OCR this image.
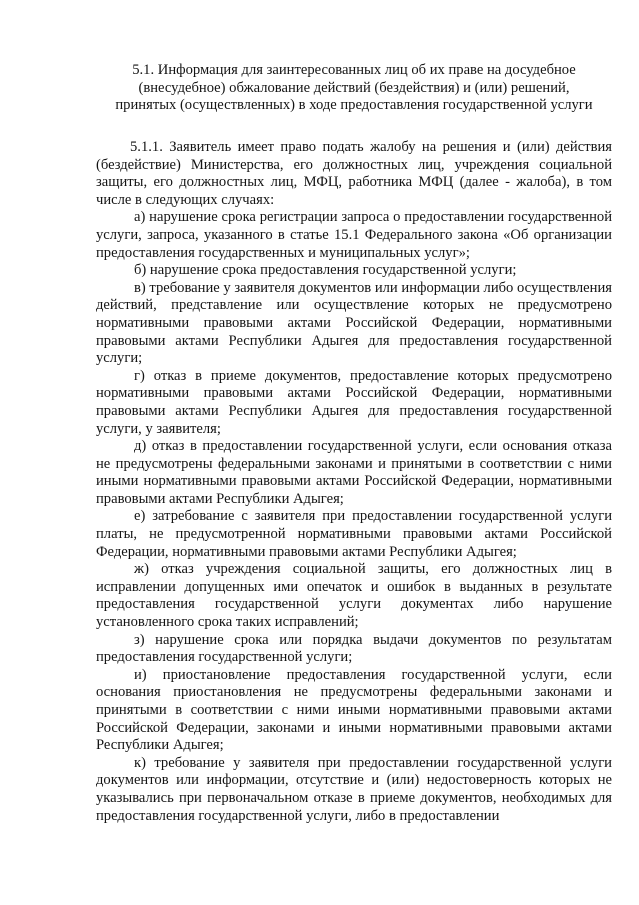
5.1. Информация для заинтересованных лиц об их праве на досудебное
(внесудебное) обжалование действий (бездействия) и (или) решений,
принятых (осуществленных) в ходе предоставления государственной услуги
5.1.1. Заявитель имеет право подать жалобу на решения и (или) действия (бездействие) Министерства, его должностных лиц, учреждения социальной защиты, его должностных лиц, МФЦ, работника МФЦ (далее - жалоба), в том числе в следующих случаях:
а) нарушение срока регистрации запроса о предоставлении государственной услуги, запроса, указанного в статье 15.1 Федерального закона «Об организации предоставления государственных и муниципальных услуг»;
б) нарушение срока предоставления государственной услуги;
в) требование у заявителя документов или информации либо осуществления действий, представление или осуществление которых не предусмотрено нормативными правовыми актами Российской Федерации, нормативными правовыми актами Республики Адыгея для предоставления государственной услуги;
г) отказ в приеме документов, предоставление которых предусмотрено нормативными правовыми актами Российской Федерации, нормативными правовыми актами Республики Адыгея для предоставления государственной услуги, у заявителя;
д) отказ в предоставлении государственной услуги, если основания отказа не предусмотрены федеральными законами и принятыми в соответствии с ними иными нормативными правовыми актами Российской Федерации, нормативными правовыми актами Республики Адыгея;
е) затребование с заявителя при предоставлении государственной услуги платы, не предусмотренной нормативными правовыми актами Российской Федерации, нормативными правовыми актами Республики Адыгея;
ж) отказ учреждения социальной защиты, его должностных лиц в исправлении допущенных ими опечаток и ошибок в выданных в результате предоставления государственной услуги документах либо нарушение установленного срока таких исправлений;
з) нарушение срока или порядка выдачи документов по результатам предоставления государственной услуги;
и) приостановление предоставления государственной услуги, если основания приостановления не предусмотрены федеральными законами и принятыми в соответствии с ними иными нормативными правовыми актами Российской Федерации, законами и иными нормативными правовыми актами Республики Адыгея;
к) требование у заявителя при предоставлении государственной услуги документов или информации, отсутствие и (или) недостоверность которых не указывались при первоначальном отказе в приеме документов, необходимых для предоставления государственной услуги, либо в предоставлении
